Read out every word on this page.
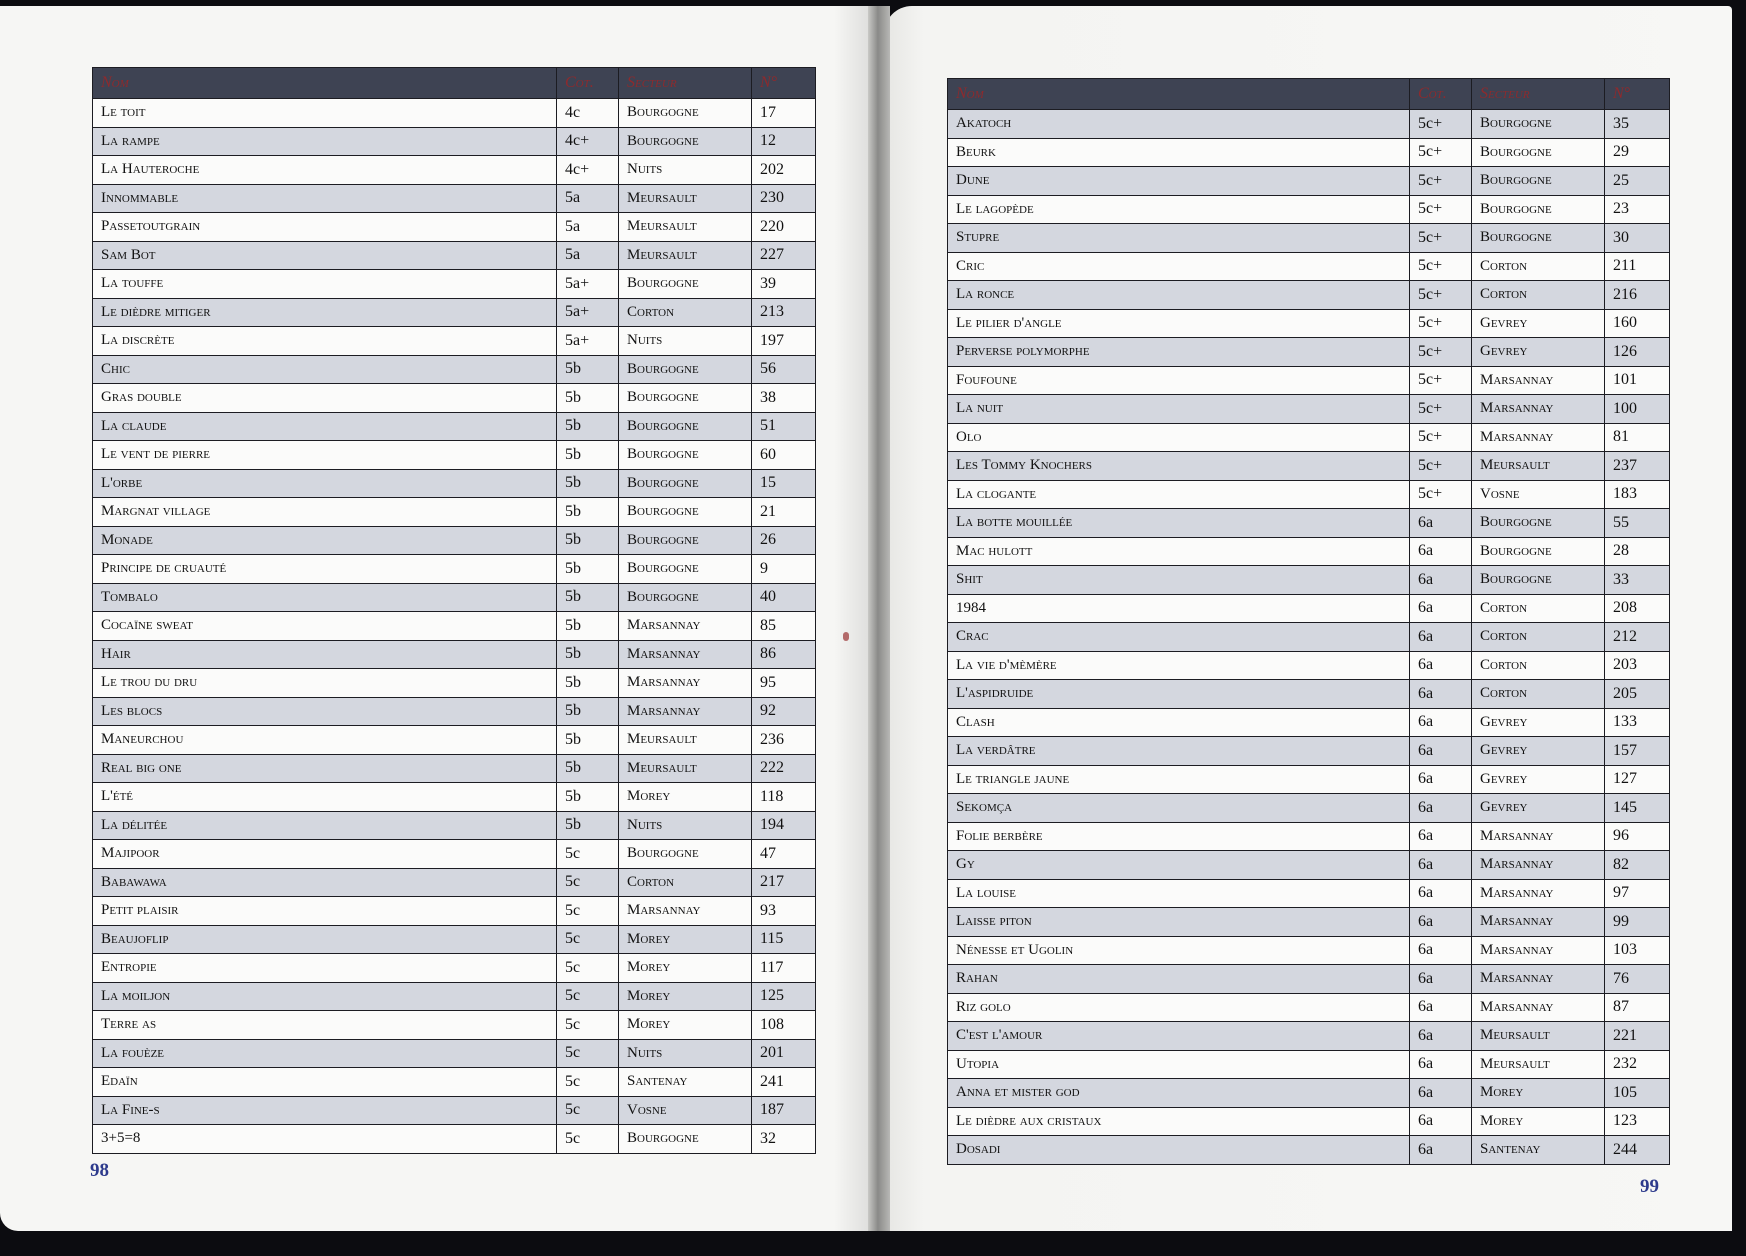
Nom	Cot.	Secteur	N°
Le toit	4c	Bourgogne	17
La rampe	4c+	Bourgogne	12
La Hauteroche	4c+	Nuits	202
Innommable	5a	Meursault	230
Passetoutgrain	5a	Meursault	220
Sam Bot	5a	Meursault	227
La touffe	5a+	Bourgogne	39
Le dièdre mitiger	5a+	Corton	213
La discrète	5a+	Nuits	197
Chic	5b	Bourgogne	56
Gras double	5b	Bourgogne	38
La claude	5b	Bourgogne	51
Le vent de pierre	5b	Bourgogne	60
L'orbe	5b	Bourgogne	15
Margnat village	5b	Bourgogne	21
Monade	5b	Bourgogne	26
Principe de cruauté	5b	Bourgogne	9
Tombalo	5b	Bourgogne	40
Cocaïne sweat	5b	Marsannay	85
Hair	5b	Marsannay	86
Le trou du dru	5b	Marsannay	95
Les blocs	5b	Marsannay	92
Maneurchou	5b	Meursault	236
Real big one	5b	Meursault	222
L'été	5b	Morey	118
La délitée	5b	Nuits	194
Majipoor	5c	Bourgogne	47
Babawawa	5c	Corton	217
Petit plaisir	5c	Marsannay	93
Beaujoflip	5c	Morey	115
Entropie	5c	Morey	117
La moiljon	5c	Morey	125
Terre as	5c	Morey	108
La fouèze	5c	Nuits	201
Edaïn	5c	Santenay	241
La Fine-s	5c	Vosne	187
3+5=8	5c	Bourgogne	32
Nom	Cot.	Secteur	N°
Akatoch	5c+	Bourgogne	35
Beurk	5c+	Bourgogne	29
Dune	5c+	Bourgogne	25
Le lagopède	5c+	Bourgogne	23
Stupre	5c+	Bourgogne	30
Cric	5c+	Corton	211
La ronce	5c+	Corton	216
Le pilier d'angle	5c+	Gevrey	160
Perverse polymorphe	5c+	Gevrey	126
Foufoune	5c+	Marsannay	101
La nuit	5c+	Marsannay	100
Olo	5c+	Marsannay	81
Les Tommy Knochers	5c+	Meursault	237
La clogante	5c+	Vosne	183
La botte mouillée	6a	Bourgogne	55
Mac hulott	6a	Bourgogne	28
Shit	6a	Bourgogne	33
1984	6a	Corton	208
Crac	6a	Corton	212
La vie d'mèmère	6a	Corton	203
L'aspidruide	6a	Corton	205
Clash	6a	Gevrey	133
La verdâtre	6a	Gevrey	157
Le triangle jaune	6a	Gevrey	127
Sekomça	6a	Gevrey	145
Folie berbère	6a	Marsannay	96
Gy	6a	Marsannay	82
La louise	6a	Marsannay	97
Laisse piton	6a	Marsannay	99
Nénesse et Ugolin	6a	Marsannay	103
Rahan	6a	Marsannay	76
Riz golo	6a	Marsannay	87
C'est l'amour	6a	Meursault	221
Utopia	6a	Meursault	232
Anna et mister god	6a	Morey	105
Le dièdre aux cristaux	6a	Morey	123
Dosadi	6a	Santenay	244
98
99
